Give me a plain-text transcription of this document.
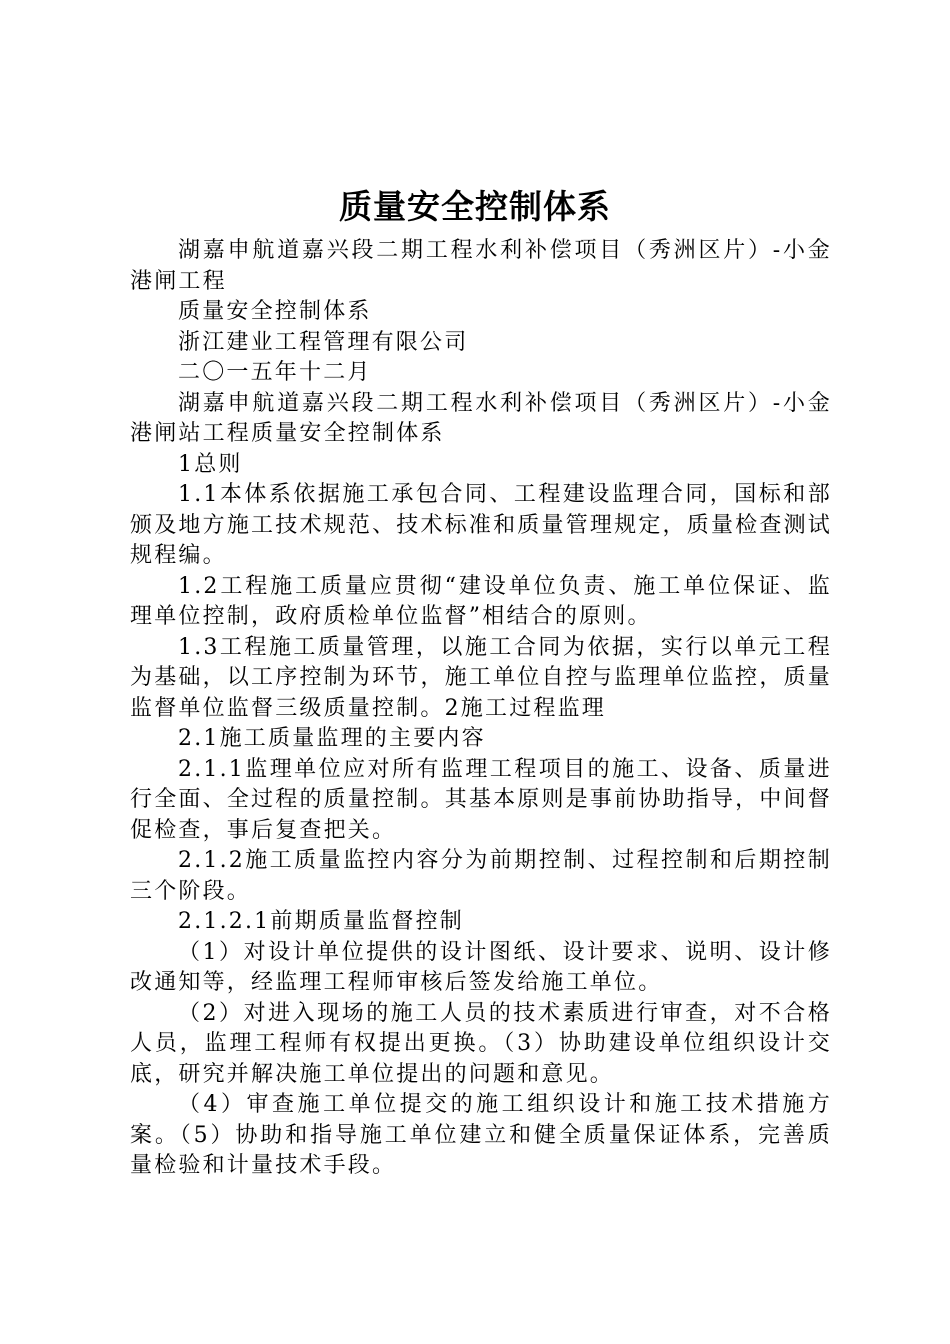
质量安全控制体系

湖嘉申航道嘉兴段二期工程水利补偿项目（秀洲区片）-小金港闸工程

质量安全控制体系

浙江建业工程管理有限公司

二〇一五年十二月

湖嘉申航道嘉兴段二期工程水利补偿项目（秀洲区片）-小金港闸站工程质量安全控制体系

1总则

1.1本体系依据施工承包合同、工程建设监理合同，国标和部颁及地方施工技术规范、技术标准和质量管理规定，质量检查测试规程编。

1.2工程施工质量应贯彻“建设单位负责、施工单位保证、监理单位控制，政府质检单位监督”相结合的原则。

1.3工程施工质量管理，以施工合同为依据，实行以单元工程为基础，以工序控制为环节，施工单位自控与监理单位监控，质量监督单位监督三级质量控制。2施工过程监理

2.1施工质量监理的主要内容

2.1.1监理单位应对所有监理工程项目的施工、设备、质量进行全面、全过程的质量控制。其基本原则是事前协助指导，中间督促检查，事后复查把关。

2.1.2施工质量监控内容分为前期控制、过程控制和后期控制三个阶段。

2.1.2.1前期质量监督控制

（1）对设计单位提供的设计图纸、设计要求、说明、设计修改通知等，经监理工程师审核后签发给施工单位。

（2）对进入现场的施工人员的技术素质进行审查，对不合格人员，监理工程师有权提出更换。（3）协助建设单位组织设计交底，研究并解决施工单位提出的问题和意见。

（4）审查施工单位提交的施工组织设计和施工技术措施方案。（5）协助和指导施工单位建立和健全质量保证体系，完善质量检验和计量技术手段。
